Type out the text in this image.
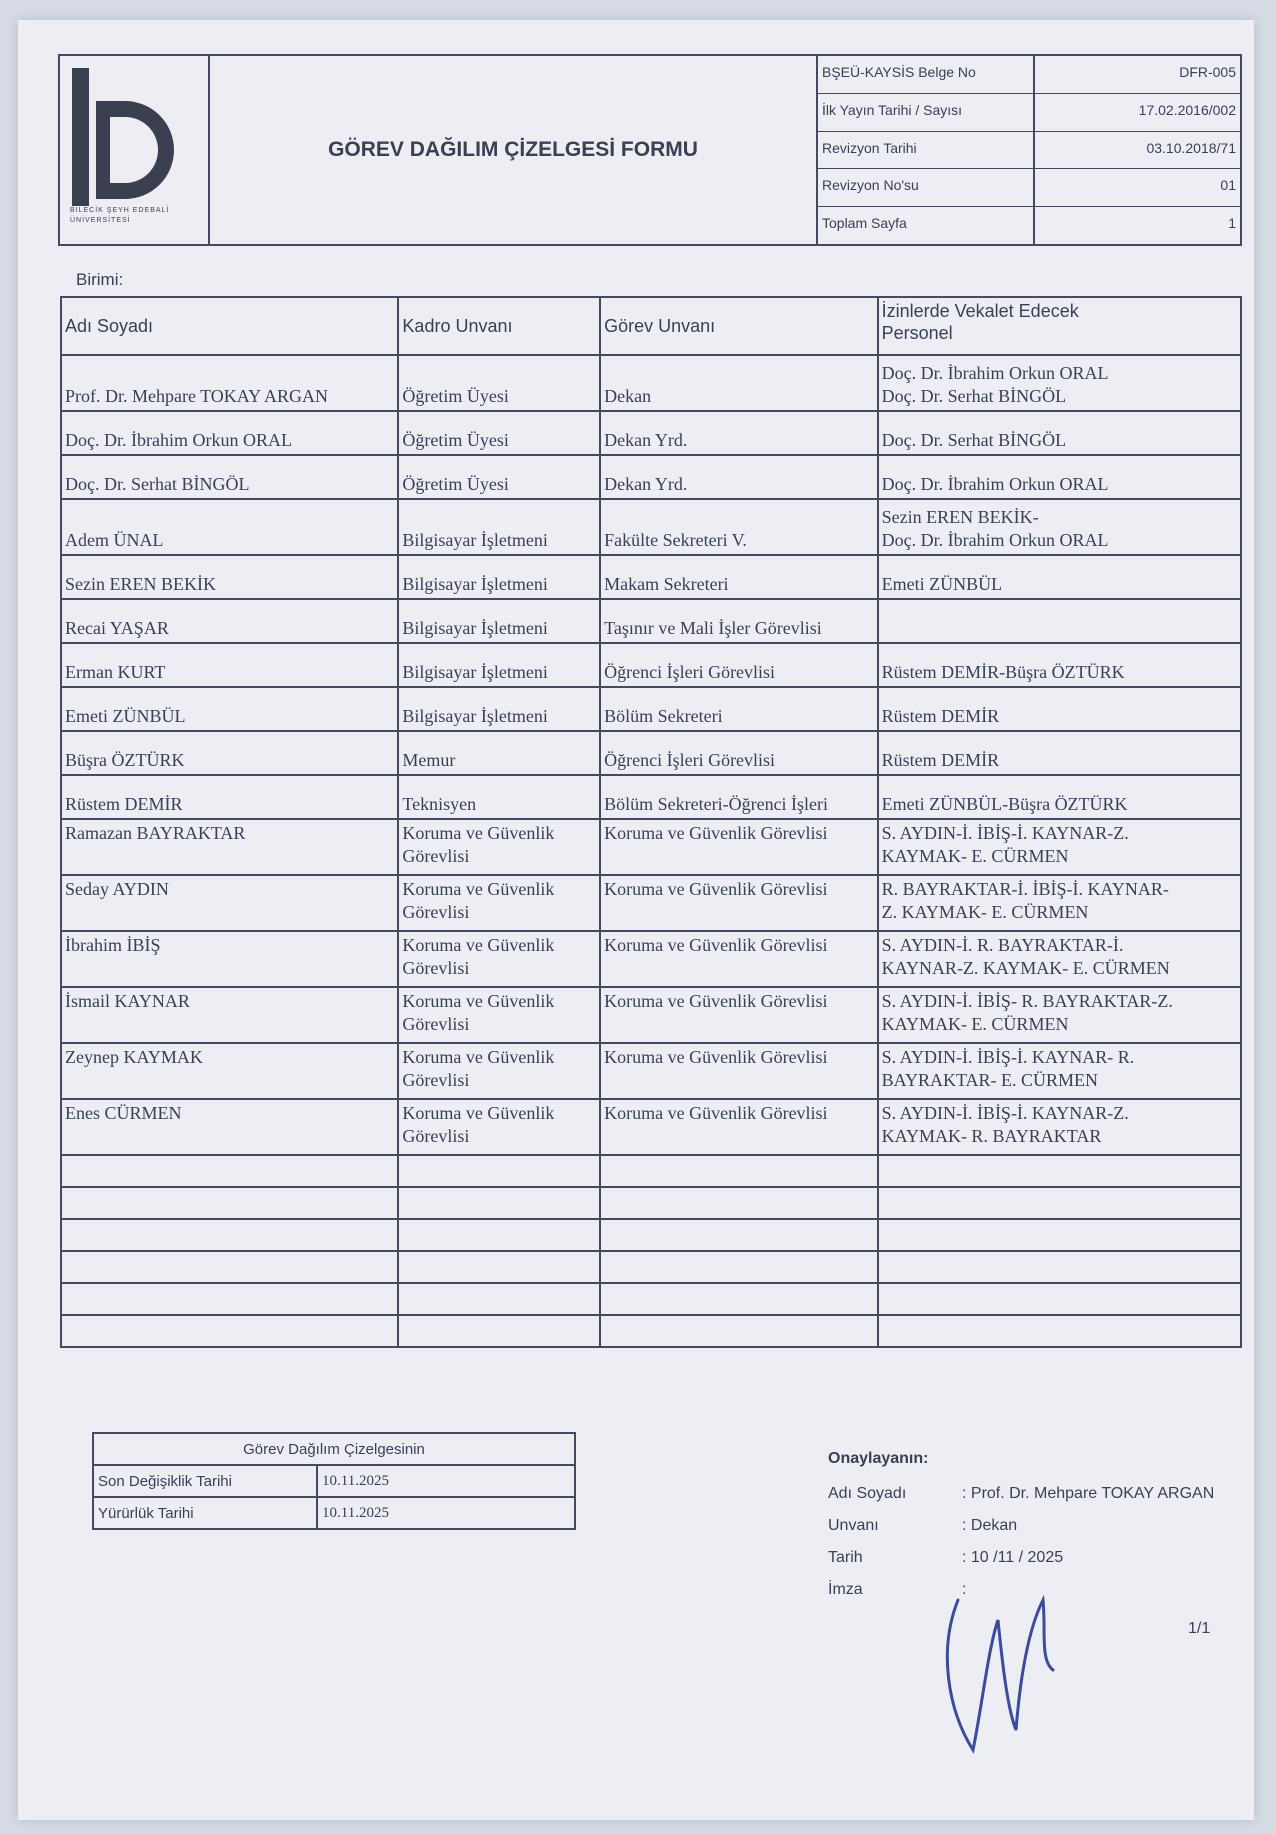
BİLECİK ŞEYH EDEBALİ ÜNİVERSİTESİ
GÖREV DAĞILIM ÇİZELGESİ FORMU
BŞEÜ-KAYSİS Belge No	DFR-005
İlk Yayın Tarihi / Sayısı	17.02.2016/002
Revizyon Tarihi	03.10.2018/71
Revizyon No'su	01
Toplam Sayfa	1
Birimi:
Adı Soyadı	Kadro Unvanı	Görev Unvanı	İzinlerde Vekalet Edecek
Personel
Prof. Dr. Mehpare TOKAY ARGAN	Öğretim Üyesi	Dekan	Doç. Dr. İbrahim Orkun ORAL
Doç. Dr. Serhat BİNGÖL
Doç. Dr. İbrahim Orkun ORAL	Öğretim Üyesi	Dekan Yrd.	Doç. Dr. Serhat BİNGÖL
Doç. Dr. Serhat BİNGÖL	Öğretim Üyesi	Dekan Yrd.	Doç. Dr. İbrahim Orkun ORAL
Adem ÜNAL	Bilgisayar İşletmeni	Fakülte Sekreteri V.	Sezin EREN BEKİK-
Doç. Dr. İbrahim Orkun ORAL
Sezin EREN BEKİK	Bilgisayar İşletmeni	Makam Sekreteri	Emeti ZÜNBÜL
Recai YAŞAR	Bilgisayar İşletmeni	Taşınır ve Mali İşler Görevlisi	
Erman KURT	Bilgisayar İşletmeni	Öğrenci İşleri Görevlisi	Rüstem DEMİR-Büşra ÖZTÜRK
Emeti ZÜNBÜL	Bilgisayar İşletmeni	Bölüm Sekreteri	Rüstem DEMİR
Büşra ÖZTÜRK	Memur	Öğrenci İşleri Görevlisi	Rüstem DEMİR
Rüstem DEMİR	Teknisyen	Bölüm Sekreteri-Öğrenci İşleri	Emeti ZÜNBÜL-Büşra ÖZTÜRK
Ramazan BAYRAKTAR	Koruma ve Güvenlik Görevlisi	Koruma ve Güvenlik Görevlisi	S. AYDIN-İ. İBİŞ-İ. KAYNAR-Z.
KAYMAK- E. CÜRMEN
Seday AYDIN	Koruma ve Güvenlik Görevlisi	Koruma ve Güvenlik Görevlisi	R. BAYRAKTAR-İ. İBİŞ-İ. KAYNAR-
Z. KAYMAK- E. CÜRMEN
İbrahim İBİŞ	Koruma ve Güvenlik Görevlisi	Koruma ve Güvenlik Görevlisi	S. AYDIN-İ. R. BAYRAKTAR-İ.
KAYNAR-Z. KAYMAK- E. CÜRMEN
İsmail KAYNAR	Koruma ve Güvenlik Görevlisi	Koruma ve Güvenlik Görevlisi	S. AYDIN-İ. İBİŞ- R. BAYRAKTAR-Z.
KAYMAK- E. CÜRMEN
Zeynep KAYMAK	Koruma ve Güvenlik Görevlisi	Koruma ve Güvenlik Görevlisi	S. AYDIN-İ. İBİŞ-İ. KAYNAR- R.
BAYRAKTAR- E. CÜRMEN
Enes CÜRMEN	Koruma ve Güvenlik Görevlisi	Koruma ve Güvenlik Görevlisi	S. AYDIN-İ. İBİŞ-İ. KAYNAR-Z.
KAYMAK- R. BAYRAKTAR

Görev Dağılım Çizelgesinin	
Son Değişiklik Tarihi	10.11.2025
Yürürlük Tarihi	10.11.2025
Onaylayanın:
Adı Soyadı	: Prof. Dr. Mehpare TOKAY ARGAN
Unvanı	: Dekan
Tarih	: 10 /11 / 2025
İmza	:
1/1
